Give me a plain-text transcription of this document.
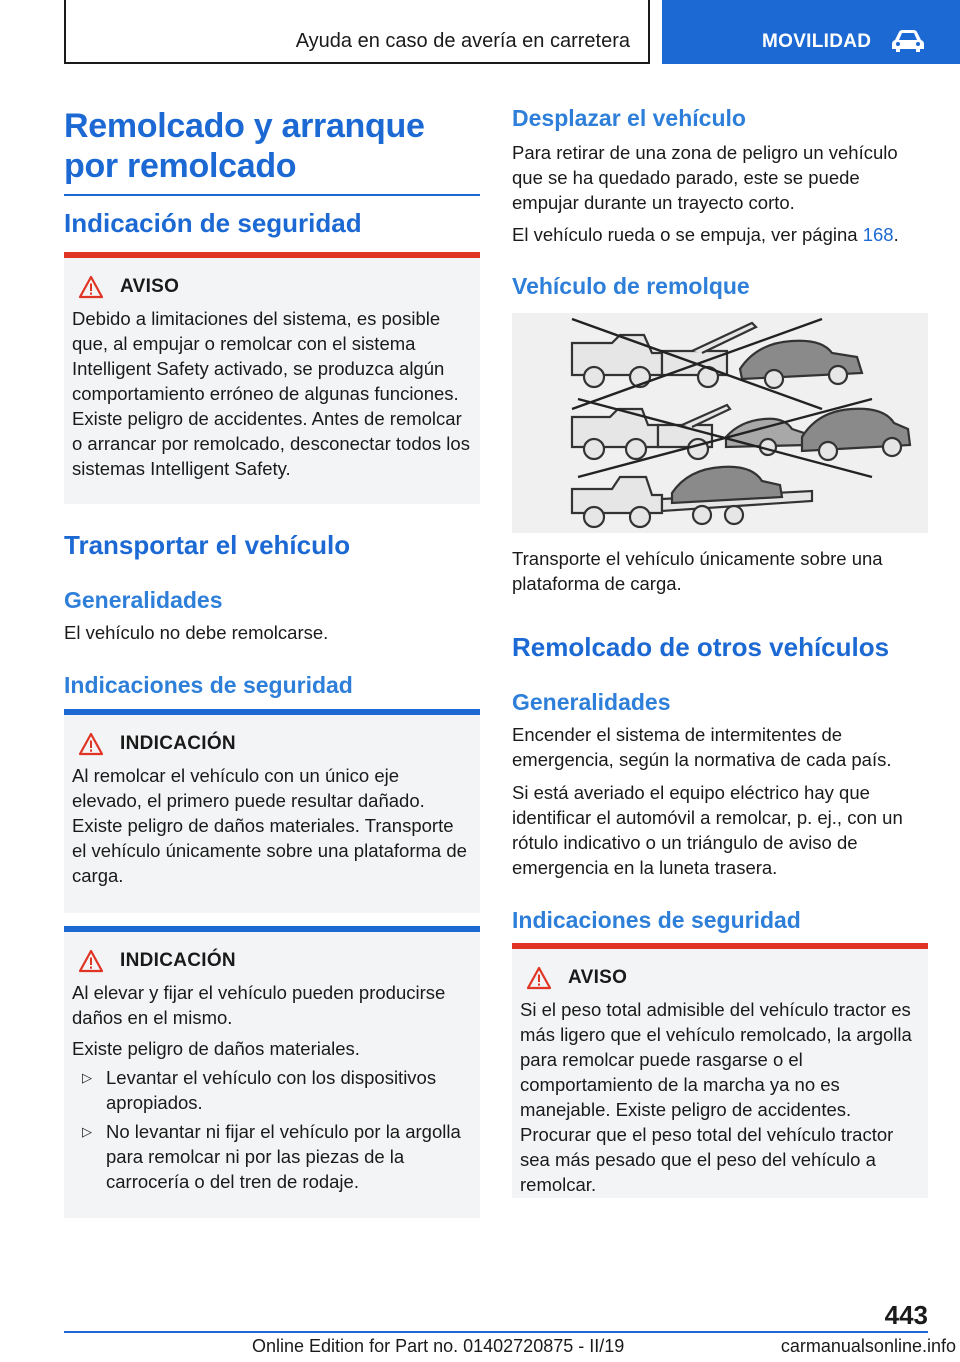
Ayuda en caso de avería en carretera	MOVILIDAD
Remolcado y arranque por remolcado
Indicación de seguridad
AVISO
Debido a limitaciones del sistema, es posible que, al empujar o remolcar con el sistema Intelligent Safety activado, se produzca algún comportamiento erróneo de algunas funciones. Existe peligro de accidentes. Antes de remolcar o arrancar por remolcado, desconectar todos los sistemas Intelligent Safety.
Transportar el vehículo
Generalidades
El vehículo no debe remolcarse.
Indicaciones de seguridad
INDICACIÓN
Al remolcar el vehículo con un único eje elevado, el primero puede resultar dañado. Existe peligro de daños materiales. Transporte el vehículo únicamente sobre una plataforma de carga.
INDICACIÓN
Al elevar y fijar el vehículo pueden producirse daños en el mismo.
Existe peligro de daños materiales.
▷ Levantar el vehículo con los dispositivos apropiados.
▷ No levantar ni fijar el vehículo por la argolla para remolcar ni por las piezas de la carrocería o del tren de rodaje.
Desplazar el vehículo
Para retirar de una zona de peligro un vehículo que se ha quedado parado, este se puede empujar durante un trayecto corto.
El vehículo rueda o se empuja, ver página 168.
Vehículo de remolque
Transporte el vehículo únicamente sobre una plataforma de carga.
Remolcado de otros vehículos
Generalidades
Encender el sistema de intermitentes de emergencia, según la normativa de cada país.
Si está averiado el equipo eléctrico hay que identificar el automóvil a remolcar, p. ej., con un rótulo indicativo o un triángulo de aviso de emergencia en la luneta trasera.
Indicaciones de seguridad
AVISO
Si el peso total admisible del vehículo tractor es más ligero que el vehículo remolcado, la argolla para remolcar puede rasgarse o el comportamiento de la marcha ya no es manejable. Existe peligro de accidentes. Procurar que el peso total del vehículo tractor sea más pesado que el peso del vehículo a remolcar.
443
Online Edition for Part no. 01402720875 - II/19	carmanualsonline.info
